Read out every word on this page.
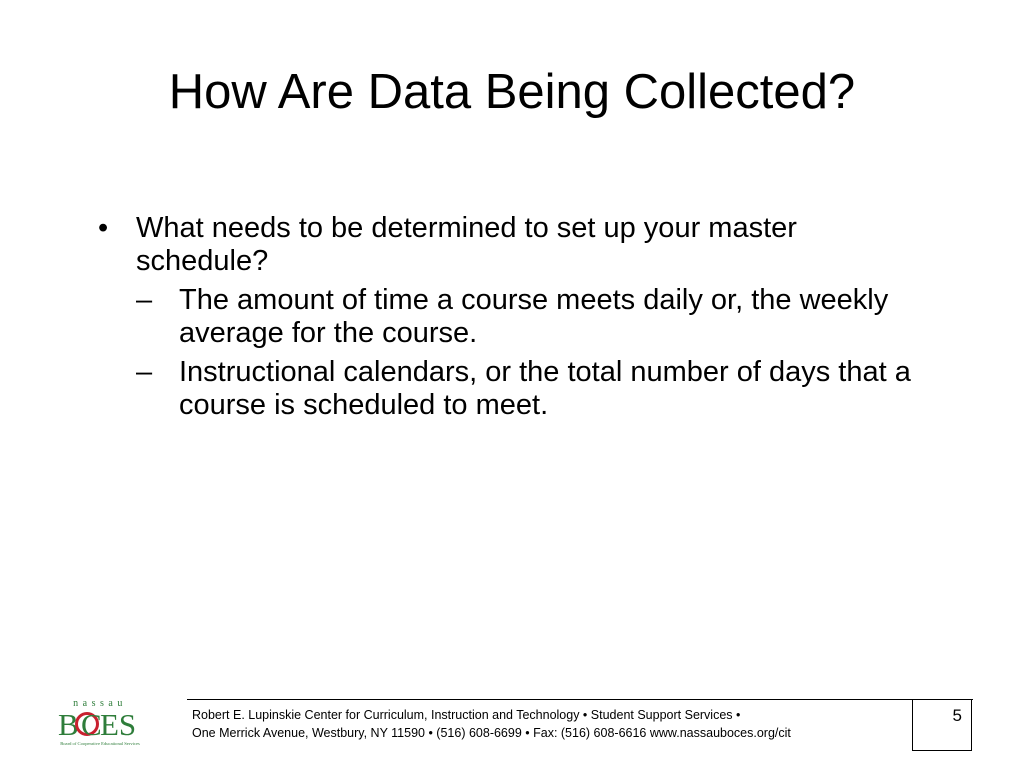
How Are Data Being Collected?
• What needs to be determined to set up your master schedule?
– The amount of time a course meets daily or, the weekly average for the course.
– Instructional calendars, or the total number of days that a course is scheduled to meet.
nassau
B C
ES
Board of Cooperative Educational Services
Robert E. Lupinskie Center for Curriculum, Instruction and Technology • Student Support Services •
One Merrick Avenue, Westbury, NY 11590 • (516) 608-6699 • Fax: (516) 608-6616 www.nassauboces.org/cit
5
